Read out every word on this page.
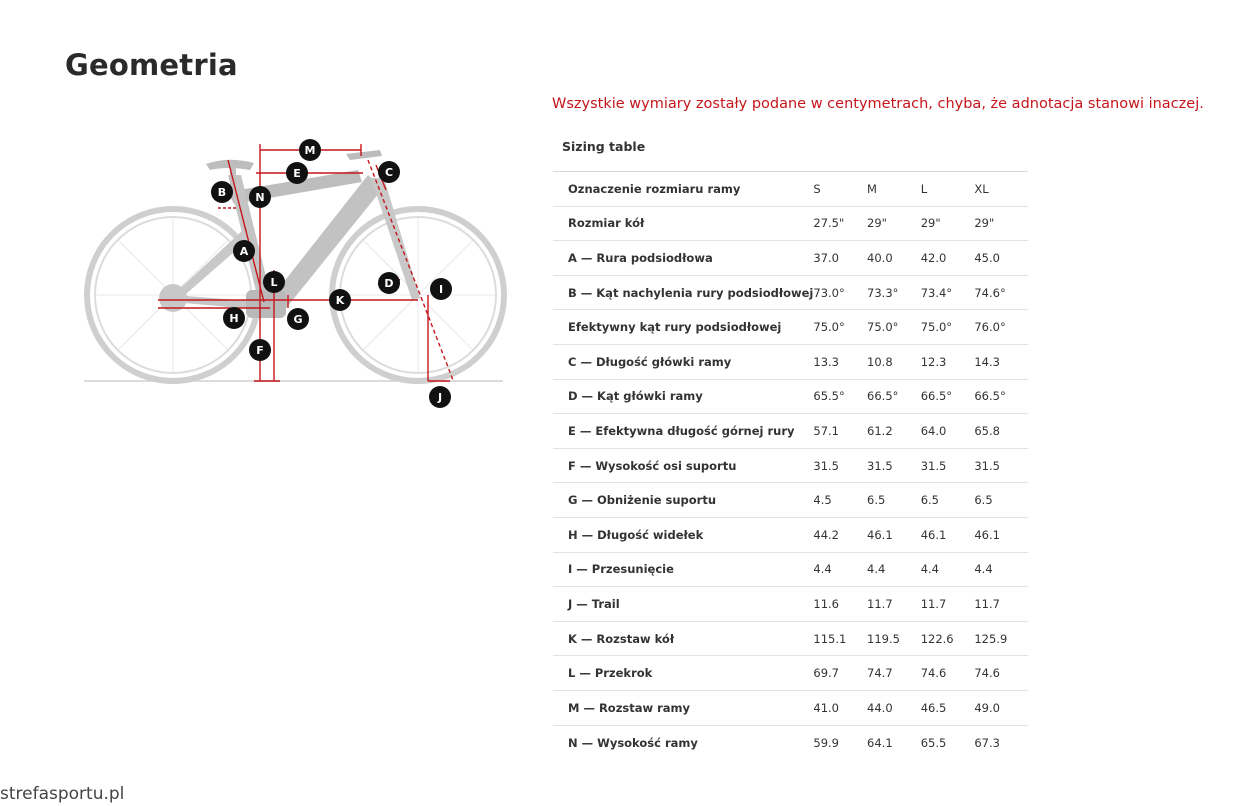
Geometria
M
E	C
B	N
A
L	D	I
K
H	G
F
J

Wszystkie wymiary zostały podane w centymetrach, chyba, że adnotacja stanowi inaczej.

Sizing table
Oznaczenie rozmiaru ramy	S	M	L	XL
Rozmiar kół	27.5"	29"	29"	29"
A — Rura podsiodłowa	37.0	40.0	42.0	45.0
B — Kąt nachylenia rury podsiodłowej	73.0°	73.3°	73.4°	74.6°
Efektywny kąt rury podsiodłowej	75.0°	75.0°	75.0°	76.0°
C — Długość główki ramy	13.3	10.8	12.3	14.3
D — Kąt główki ramy	65.5°	66.5°	66.5°	66.5°
E — Efektywna długość górnej rury	57.1	61.2	64.0	65.8
F — Wysokość osi suportu	31.5	31.5	31.5	31.5
G — Obniżenie suportu	4.5	6.5	6.5	6.5
H — Długość widełek	44.2	46.1	46.1	46.1
I — Przesunięcie	4.4	4.4	4.4	4.4
J — Trail	11.6	11.7	11.7	11.7
K — Rozstaw kół	115.1	119.5	122.6	125.9
L — Przekrok	69.7	74.7	74.6	74.6
M — Rozstaw ramy	41.0	44.0	46.5	49.0
N — Wysokość ramy	59.9	64.1	65.5	67.3
strefasportu.pl
